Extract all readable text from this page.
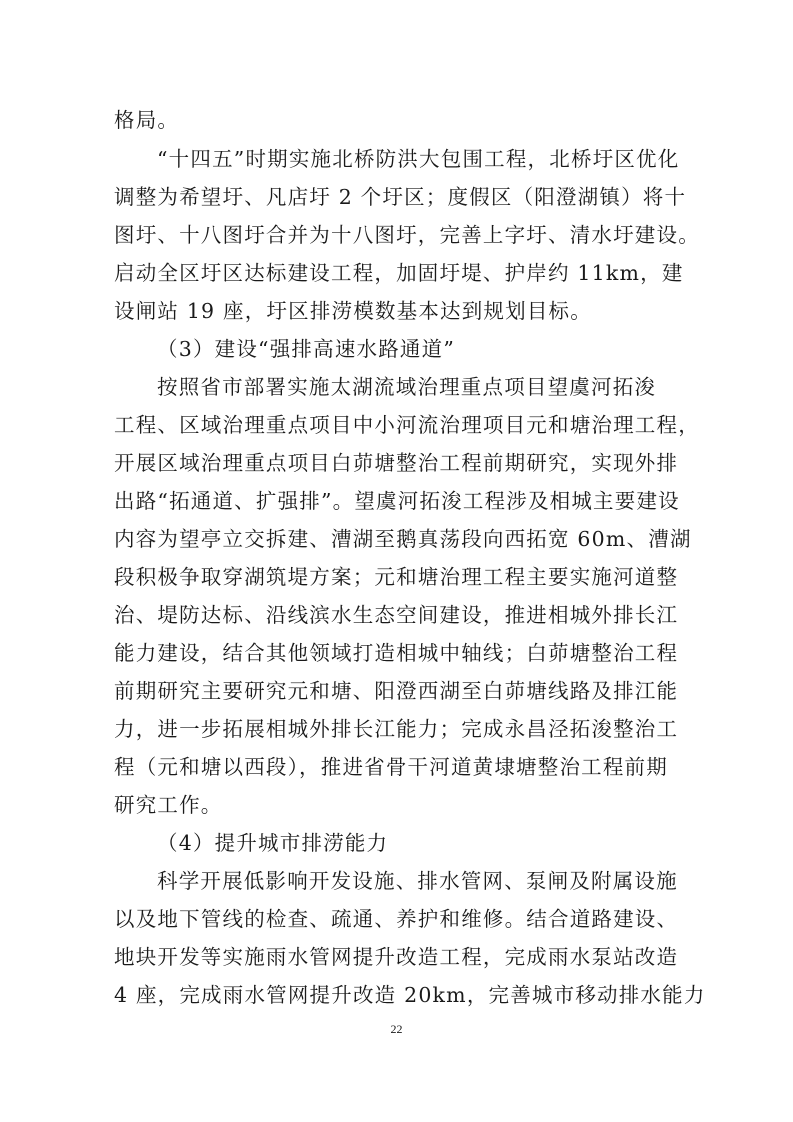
格局。
“十四五”时期实施北桥防洪大包围工程，北桥圩区优化
调整为希望圩、凡店圩 2 个圩区；度假区（阳澄湖镇）将十
图圩、十八图圩合并为十八图圩，完善上字圩、清水圩建设。
启动全区圩区达标建设工程，加固圩堤、护岸约 11km，建
设闸站 19 座，圩区排涝模数基本达到规划目标。
（3）建设“强排高速水路通道”
按照省市部署实施太湖流域治理重点项目望虞河拓浚
工程、区域治理重点项目中小河流治理项目元和塘治理工程，
开展区域治理重点项目白茆塘整治工程前期研究，实现外排
出路“拓通道、扩强排”。望虞河拓浚工程涉及相城主要建设
内容为望亭立交拆建、漕湖至鹅真荡段向西拓宽 60m、漕湖
段积极争取穿湖筑堤方案；元和塘治理工程主要实施河道整
治、堤防达标、沿线滨水生态空间建设，推进相城外排长江
能力建设，结合其他领域打造相城中轴线；白茆塘整治工程
前期研究主要研究元和塘、阳澄西湖至白茆塘线路及排江能
力，进一步拓展相城外排长江能力；完成永昌泾拓浚整治工
程（元和塘以西段），推进省骨干河道黄埭塘整治工程前期
研究工作。
（4）提升城市排涝能力
科学开展低影响开发设施、排水管网、泵闸及附属设施
以及地下管线的检查、疏通、养护和维修。结合道路建设、
地块开发等实施雨水管网提升改造工程，完成雨水泵站改造
4 座，完成雨水管网提升改造 20km，完善城市移动排水能力
22
